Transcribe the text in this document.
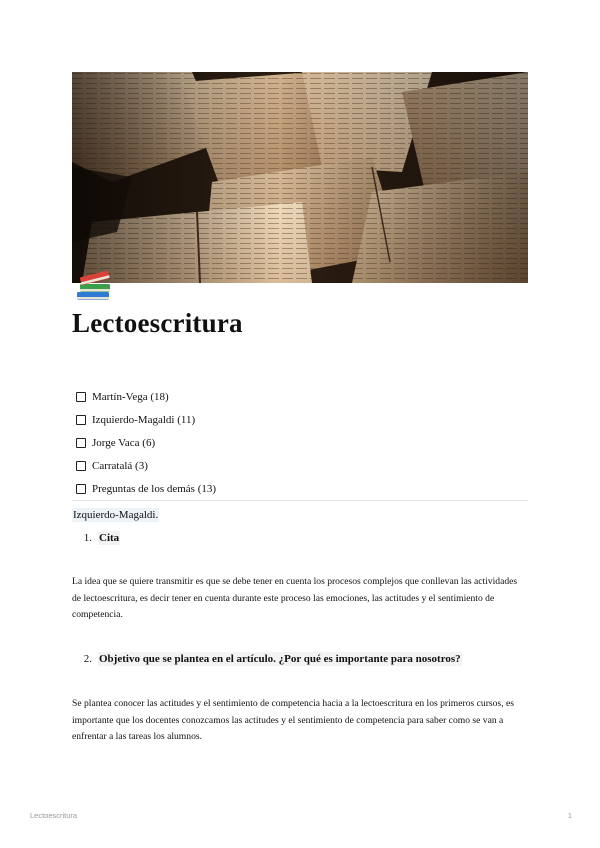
Lectoescritura
Martín-Vega (18)
Izquierdo-Magaldi (11)
Jorge Vaca (6)
Carratalá (3)
Preguntas de los demás (13)
Izquierdo-Magaldi.
1. Cita

La idea que se quiere transmitir es que se debe tener en cuenta los procesos complejos que conllevan las actividades de lectoescritura, es decir tener en cuenta durante este proceso las emociones, las actitudes y el sentimiento de competencia.

2. Objetivo que se plantea en el artículo. ¿Por qué es importante para nosotros?

Se plantea conocer las actitudes y el sentimiento de competencia hacia a la lectoescritura en los primeros cursos, es importante que los docentes conozcamos las actitudes y el sentimiento de competencia para saber como se van a enfrentar a las tareas los alumnos.

Lectoescritura	1
